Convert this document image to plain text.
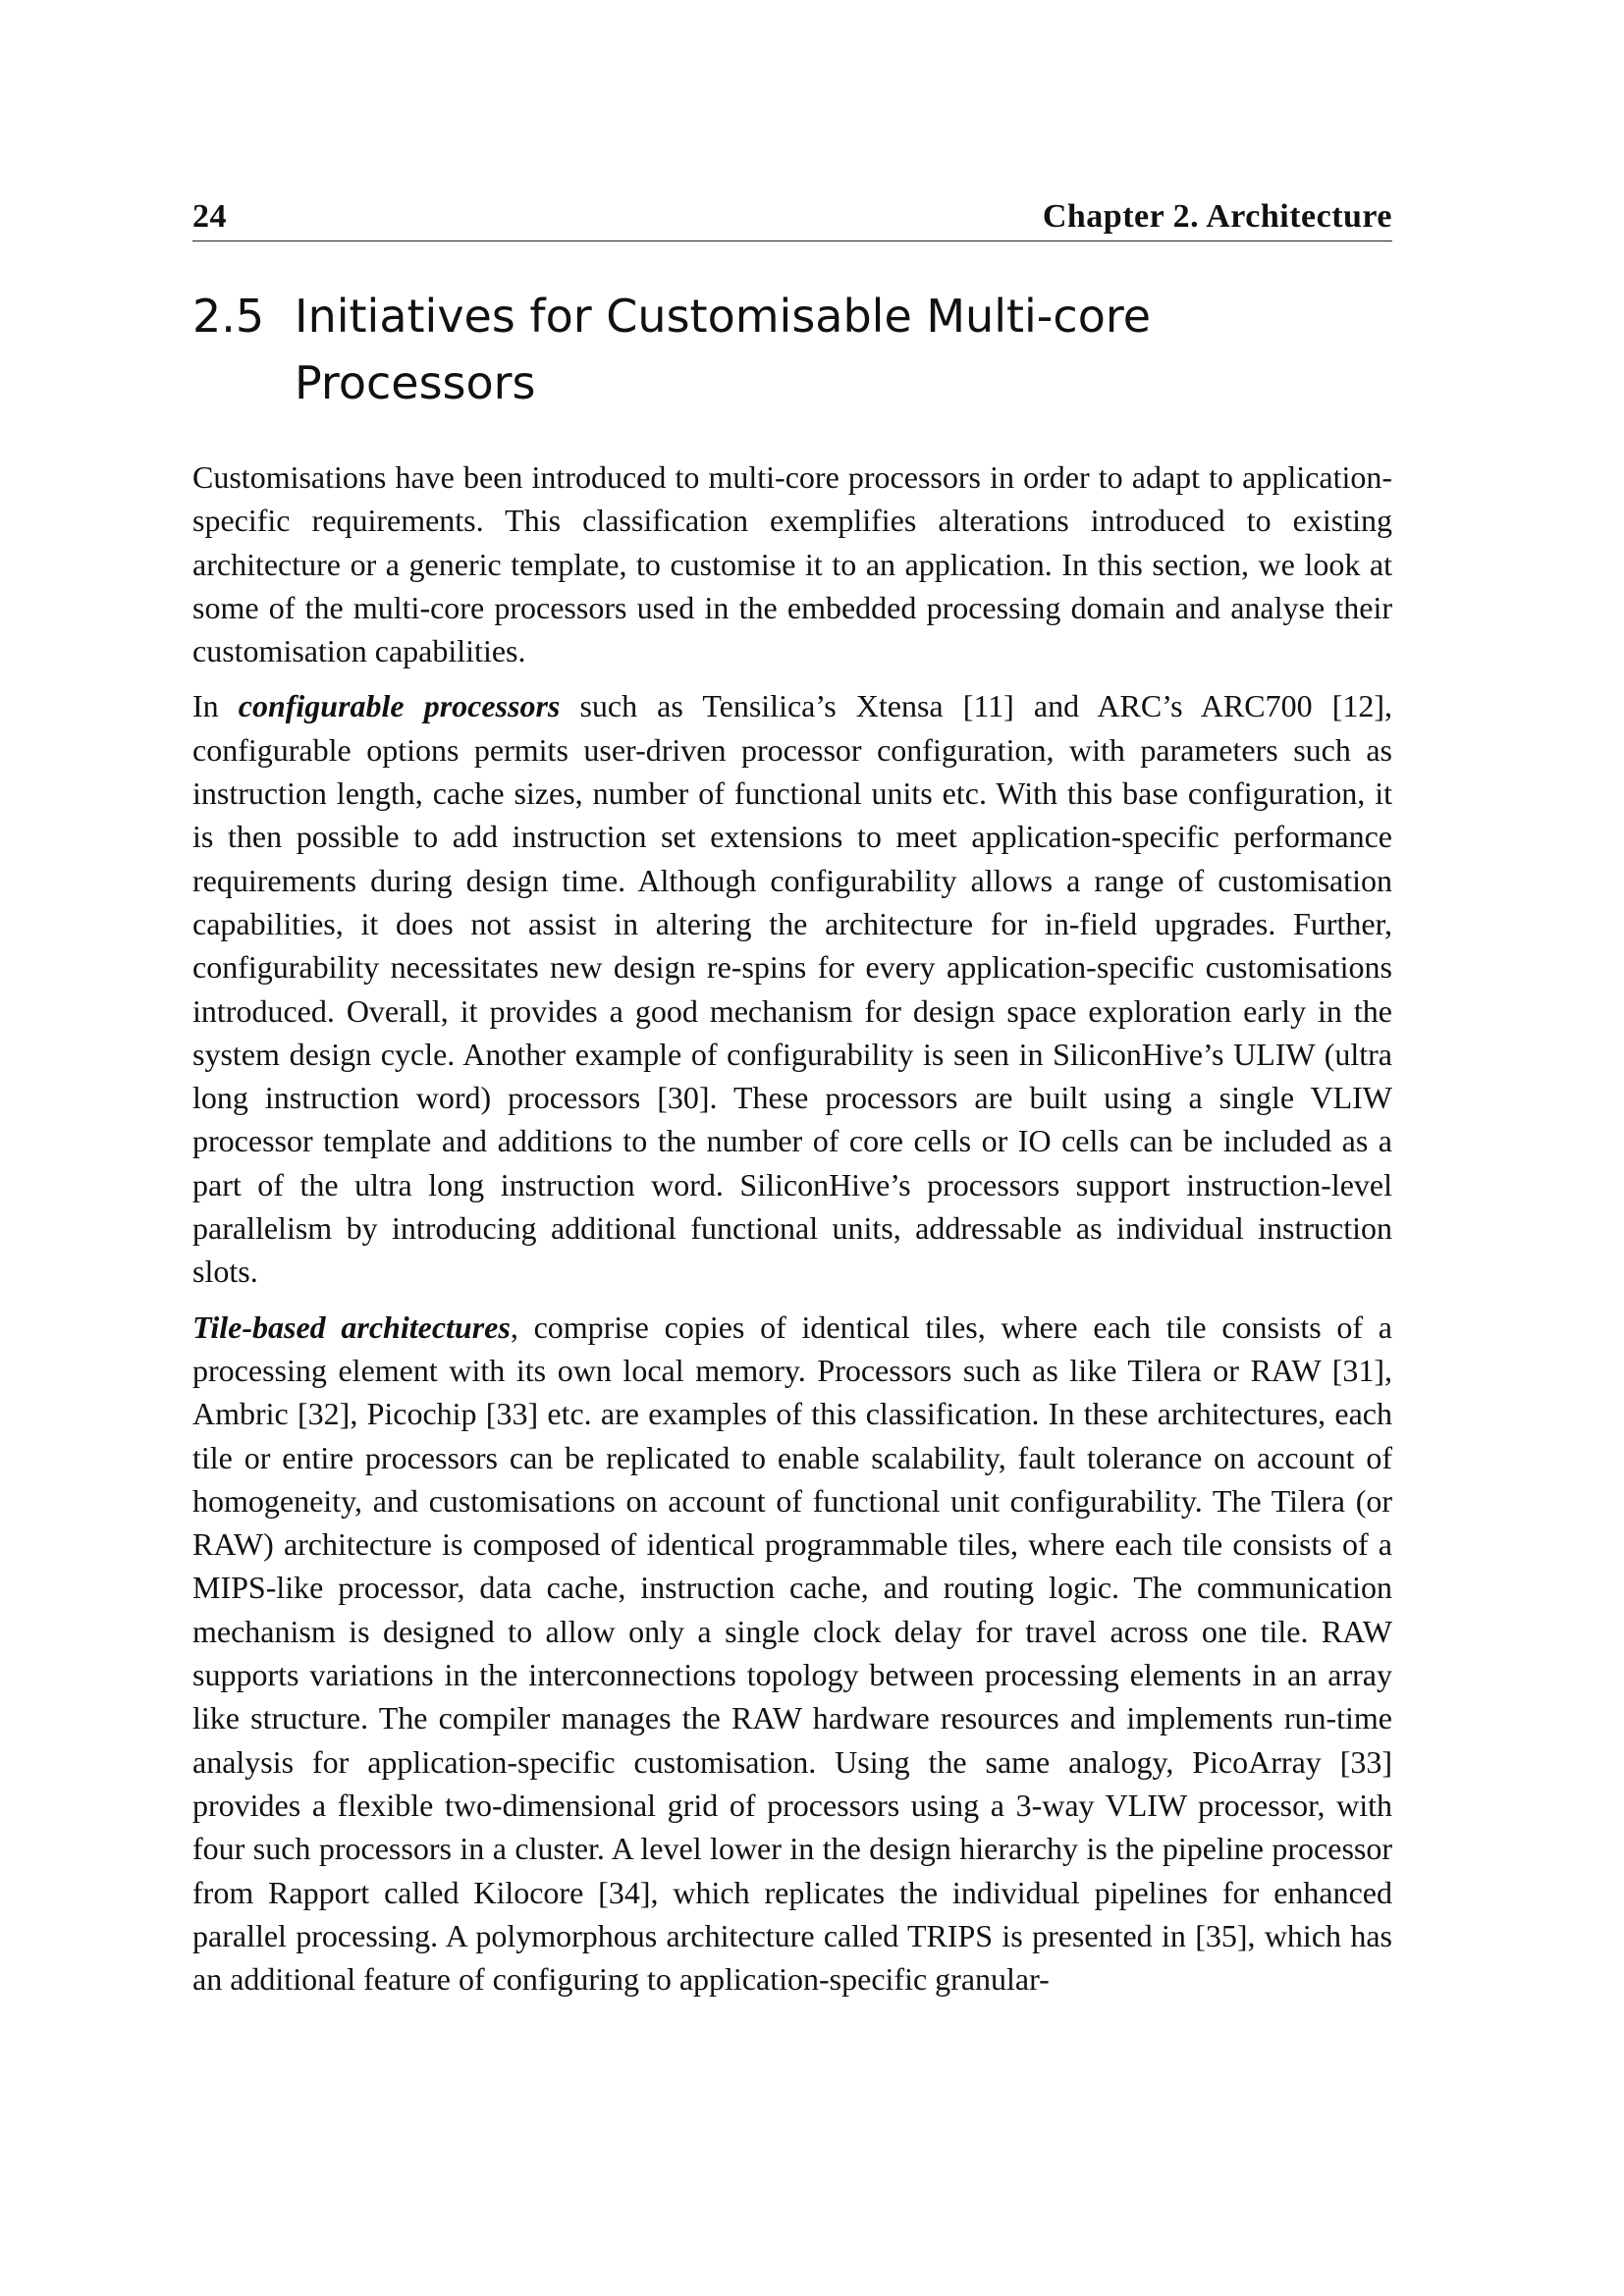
24	Chapter 2. Architecture
2.5 Initiatives for Customisable Multi-core
Processors

Customisations have been introduced to multi-core processors in order to adapt to application-specific requirements. This classification exemplifies alterations introduced to existing architecture or a generic template, to customise it to an application. In this section, we look at some of the multi-core processors used in the embedded processing domain and analyse their customisation capabilities.

In configurable processors such as Tensilica’s Xtensa [11] and ARC’s ARC700 [12], configurable options permits user-driven processor configuration, with parameters such as instruction length, cache sizes, number of functional units etc. With this base configuration, it is then possible to add instruction set extensions to meet application-specific performance requirements during design time. Although configurability allows a range of customisation capabilities, it does not assist in altering the architecture for in-field upgrades. Further, configurability necessitates new design re-spins for every application-specific customisations introduced. Overall, it provides a good mechanism for design space exploration early in the system design cycle. Another example of configurability is seen in SiliconHive’s ULIW (ultra long instruction word) processors [30]. These processors are built using a single VLIW processor template and additions to the number of core cells or IO cells can be included as a part of the ultra long instruction word. SiliconHive’s processors support instruction-level parallelism by introducing additional functional units, addressable as individual instruction slots.

Tile-based architectures, comprise copies of identical tiles, where each tile consists of a processing element with its own local memory. Processors such as like Tilera or RAW [31], Ambric [32], Picochip [33] etc. are examples of this classification. In these architectures, each tile or entire processors can be replicated to enable scalability, fault tolerance on account of homogeneity, and customisations on account of functional unit configurability. The Tilera (or RAW) architecture is composed of identical programmable tiles, where each tile consists of a MIPS-like processor, data cache, instruction cache, and routing logic. The communication mechanism is designed to allow only a single clock delay for travel across one tile. RAW supports variations in the interconnections topology between processing elements in an array like structure. The compiler manages the RAW hardware resources and implements run-time analysis for application-specific customisation. Using the same analogy, PicoArray [33] provides a flexible two-dimensional grid of processors using a 3-way VLIW processor, with four such processors in a cluster. A level lower in the design hierarchy is the pipeline processor from Rapport called Kilocore [34], which replicates the individual pipelines for enhanced parallel processing. A polymorphous architecture called TRIPS is presented in [35], which has an additional feature of configuring to application-specific granular-
